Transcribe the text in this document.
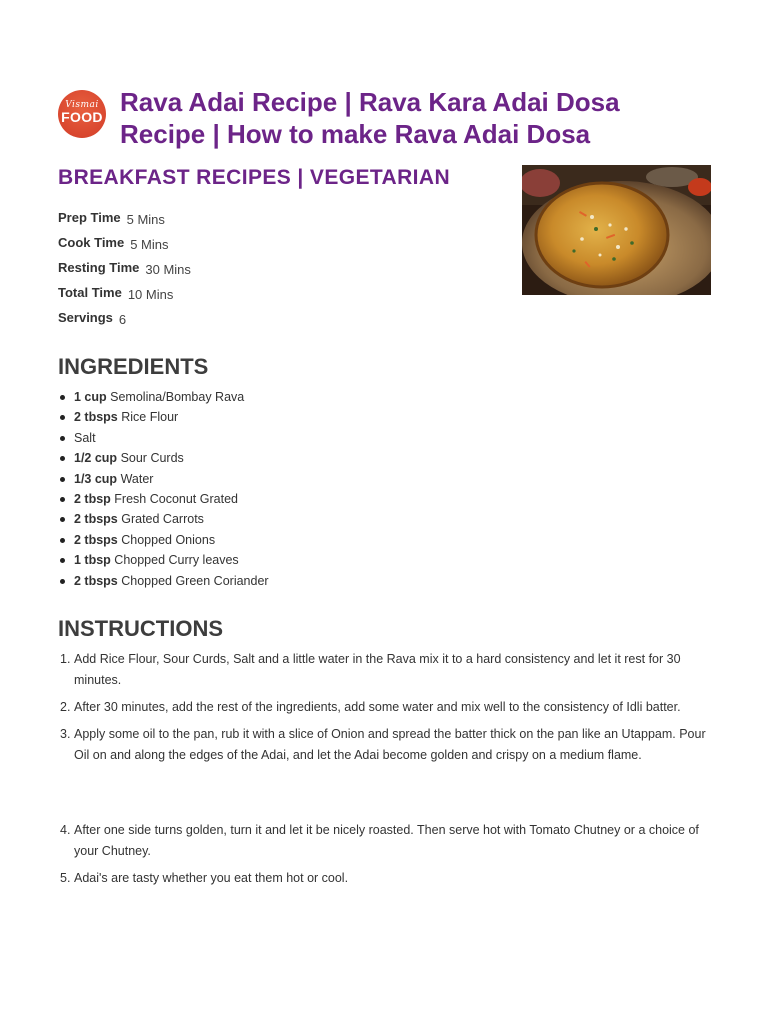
Vismai
FOOD Rava Adai Recipe | Rava Kara Adai Dosa Recipe | How to make Rava Adai Dosa
BREAKFAST RECIPES | VEGETARIAN
Prep Time 5 Mins
Cook Time 5 Mins
Resting Time 30 Mins
Total Time 10 Mins
Servings 6
INGREDIENTS
1 cup Semolina/Bombay Rava
2 tbsps Rice Flour
Salt
1/2 cup Sour Curds
1/3 cup Water
2 tbsp Fresh Coconut Grated
2 tbsps Grated Carrots
2 tbsps Chopped Onions
1 tbsp Chopped Curry leaves
2 tbsps Chopped Green Coriander
INSTRUCTIONS
1. Add Rice Flour, Sour Curds, Salt and a little water in the Rava mix it to a hard consistency and let it rest for 30 minutes.
2. After 30 minutes, add the rest of the ingredients, add some water and mix well to the consistency of Idli batter.
3. Apply some oil to the pan, rub it with a slice of Onion and spread the batter thick on the pan like an Utappam. Pour Oil on and along the edges of the Adai, and let the Adai become golden and crispy on a medium flame.
4. After one side turns golden, turn it and let it be nicely roasted. Then serve hot with Tomato Chutney or a choice of your Chutney.
5. Adai's are tasty whether you eat them hot or cool.
